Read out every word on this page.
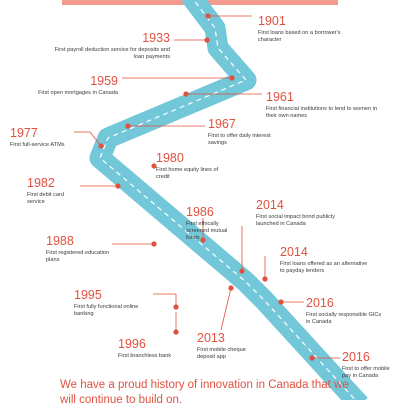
1901
First loans based on a borrower's character
1933
First payroll deduction service for deposits and loan payments
1959
First open mortgages in Canada	1961
First financial institutions to lend to women in their own names
1967
First to offer daily interest savings
1977
First full-service ATMs
1980
First home equity lines of credit
1982
First debit card service
1986
First ethically screened mutual funds
2014
First social impact bond publicly launched in Canada
1988
First registered education plans
2014
First loans offered as an alternative to payday lenders
1995
First fully functional online banking
2016
First socially responsible GICs in Canada
1996
First branchless bank
2013
First mobile cheque deposit app	2016
First to offer mobile pay in Canada
We have a proud history of innovation in Canada that we will continue to build on.
